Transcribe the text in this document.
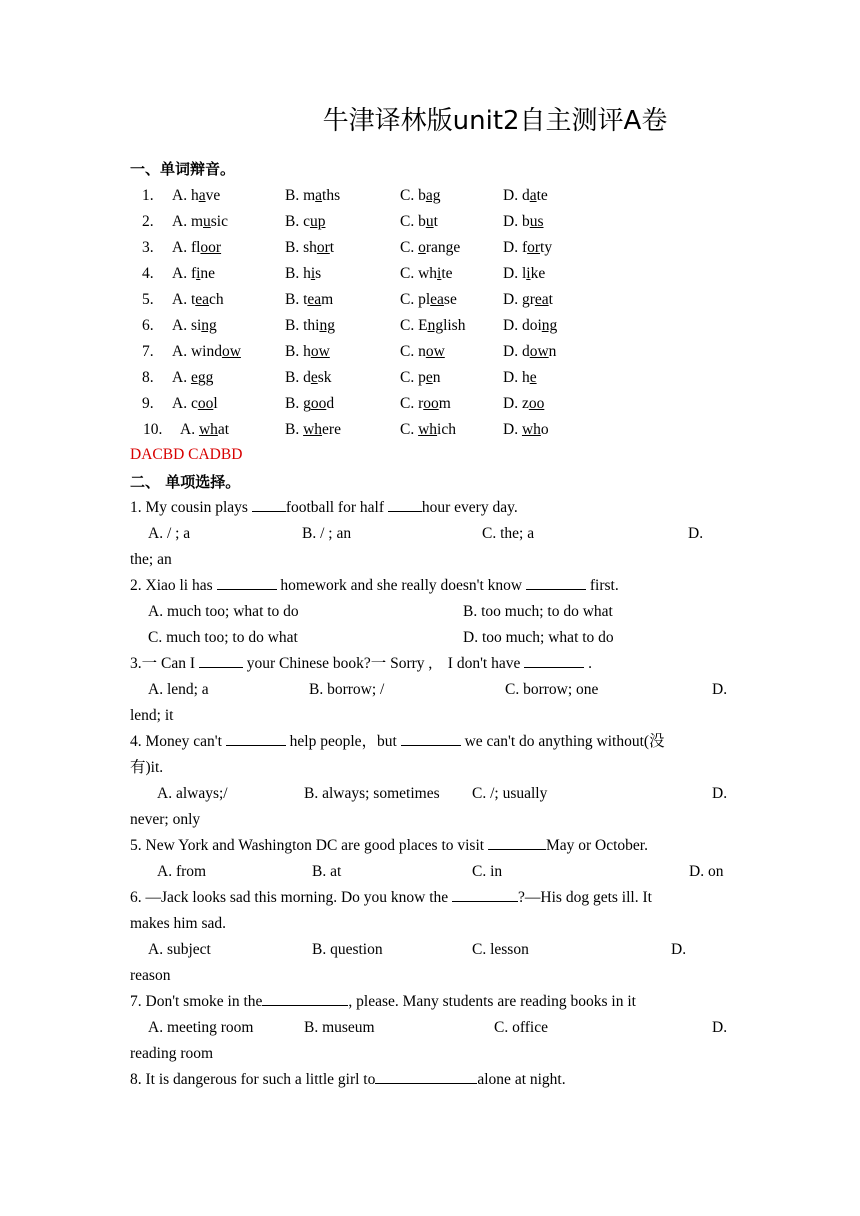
牛津译林版unit2自主测评A卷
一、单词辩音。
1. A. have	B. maths	C. bag	D. date
2. A. music	B. cup	C. but	D. bus
3. A. floor	B. short	C. orange	D. forty
4. A. fine	B. his	C. white	D. like
5. A. teach	B. team	C. please	D. great
6. A. sing	B. thing	C. English D. doing
7. A. window	B. how	C. now	D. down
8. A. egg	B. desk	C. pen	D. he
9. A. cool	B. good	C. room	D. zoo
10. A. what	B. where	C. which	D. who
DACBD CADBD
二、 单项选择。
1. My cousin plays football for half hour every day.
A. / ; a	B. / ; an	C. the; a	D.
the; an
2. Xiao li has	homework and she really doesn't know	first.
A. much too; what to do	B. too much; to do what
C. much too; to do what	D. too much; what to do
3.一 Can I	your Chinese book?一 Sorry ,　I don't have	.
A. lend; a	B. borrow; /	C. borrow; one	D.
lend; it
4. Money can't	help people，but	we can't do anything without(没
有)it.
A. always;/	B. always; sometimes C. /; usually	D.
never; only
5. New York and Washington DC are good places to visit	May or October.
A. from	B. at	C. in	D. on
6. —Jack looks sad this morning. Do you know the	?—His dog gets ill. It
makes him sad.
A. subject	B. question	C. lesson	D.
reason
7. Don't smoke in the	, please. Many students are reading books in it
A. meeting room	B. museum	C. office	D.
reading room
8. It is dangerous for such a little girl to	alone at night.
